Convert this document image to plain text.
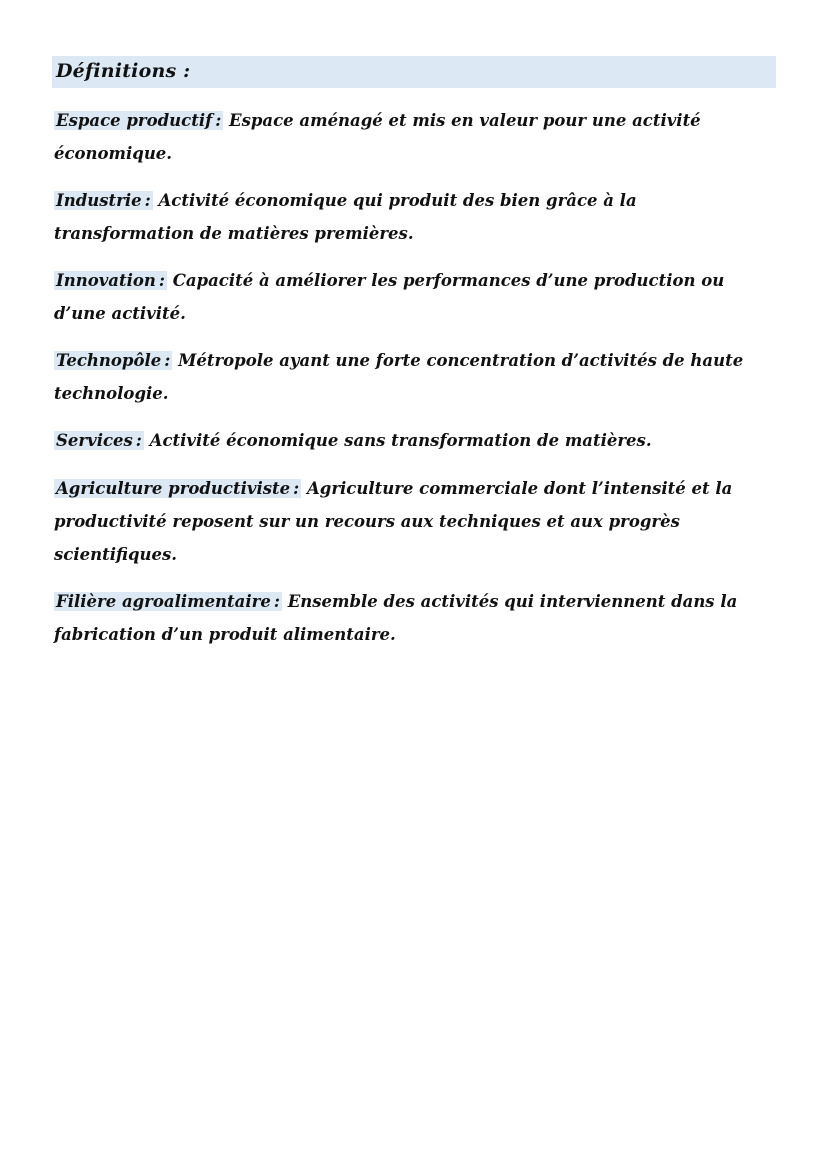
Définitions :
Espace productif : Espace aménagé et mis en valeur pour une activité économique.
Industrie : Activité économique qui produit des bien grâce à la transformation de matières premières.
Innovation : Capacité à améliorer les performances d’une production ou d’une activité.
Technopôle : Métropole ayant une forte concentration d’activités de haute technologie.
Services : Activité économique sans transformation de matières.
Agriculture productiviste : Agriculture commerciale dont l’intensité et la productivité reposent sur un recours aux techniques et aux progrès scientifiques.
Filière agroalimentaire : Ensemble des activités qui interviennent dans la fabrication d’un produit alimentaire.
